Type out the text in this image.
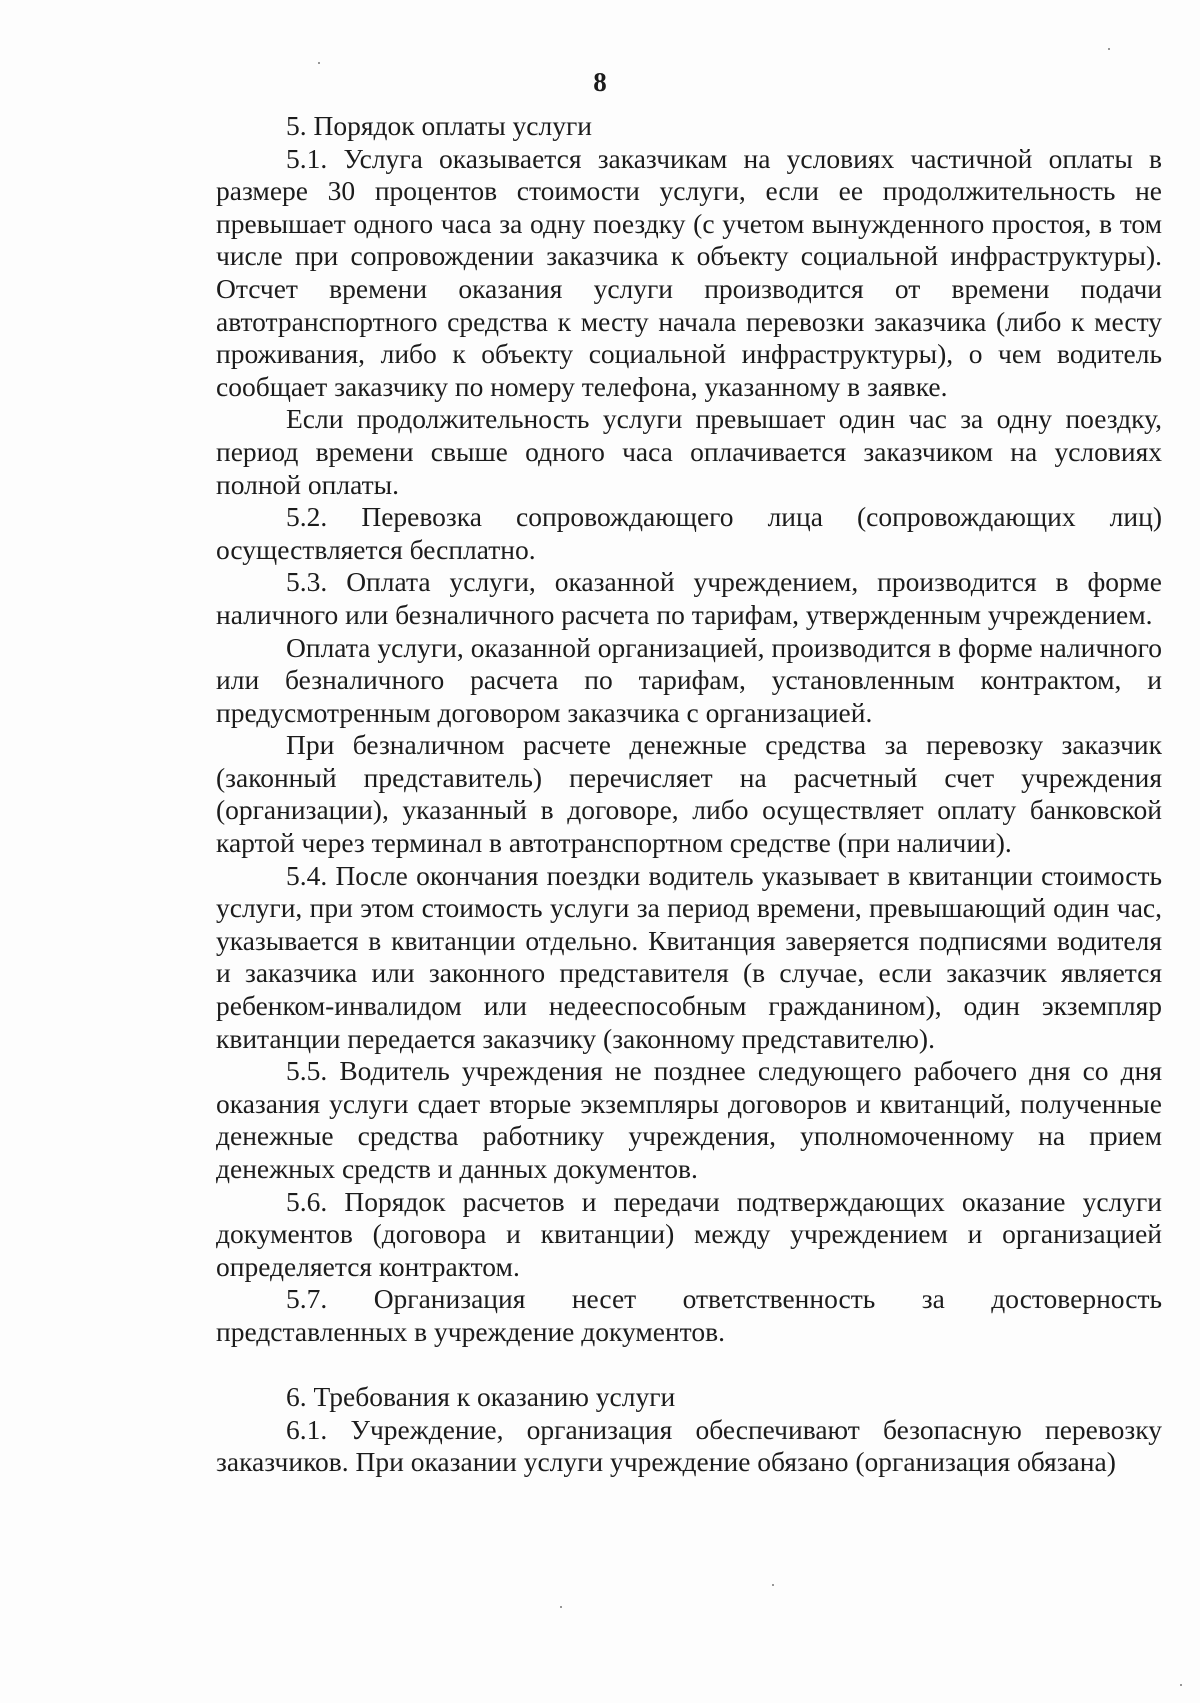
8

5. Порядок оплаты услуги

5.1. Услуга оказывается заказчикам на условиях частичной оплаты в размере 30 процентов стоимости услуги, если ее продолжительность не превышает одного часа за одну поездку (с учетом вынужденного простоя, в том числе при сопровождении заказчика к объекту социальной инфраструктуры). Отсчет времени оказания услуги производится от времени подачи автотранспортного средства к месту начала перевозки заказчика (либо к месту проживания, либо к объекту социальной инфраструктуры), о чем водитель сообщает заказчику по номеру телефона, указанному в заявке.

Если продолжительность услуги превышает один час за одну поездку, период времени свыше одного часа оплачивается заказчиком на условиях полной оплаты.

5.2. Перевозка сопровождающего лица (сопровождающих лиц) осуществляется бесплатно.

5.3. Оплата услуги, оказанной учреждением, производится в форме наличного или безналичного расчета по тарифам, утвержденным учреждением.

Оплата услуги, оказанной организацией, производится в форме наличного или безналичного расчета по тарифам, установленным контрактом, и предусмотренным договором заказчика с организацией.

При безналичном расчете денежные средства за перевозку заказчик (законный представитель) перечисляет на расчетный счет учреждения (организации), указанный в договоре, либо осуществляет оплату банковской картой через терминал в автотранспортном средстве (при наличии).

5.4. После окончания поездки водитель указывает в квитанции стоимость услуги, при этом стоимость услуги за период времени, превышающий один час, указывается в квитанции отдельно. Квитанция заверяется подписями водителя и заказчика или законного представителя (в случае, если заказчик является ребенком-инвалидом или недееспособным гражданином), один экземпляр квитанции передается заказчику (законному представителю).

5.5. Водитель учреждения не позднее следующего рабочего дня со дня оказания услуги сдает вторые экземпляры договоров и квитанций, полученные денежные средства работнику учреждения, уполномоченному на прием денежных средств и данных документов.

5.6. Порядок расчетов и передачи подтверждающих оказание услуги документов (договора и квитанции) между учреждением и организацией определяется контрактом.

5.7. Организация несет ответственность за достоверность представленных в учреждение документов.

6. Требования к оказанию услуги

6.1. Учреждение, организация обеспечивают безопасную перевозку заказчиков. При оказании услуги учреждение обязано (организация обязана)
